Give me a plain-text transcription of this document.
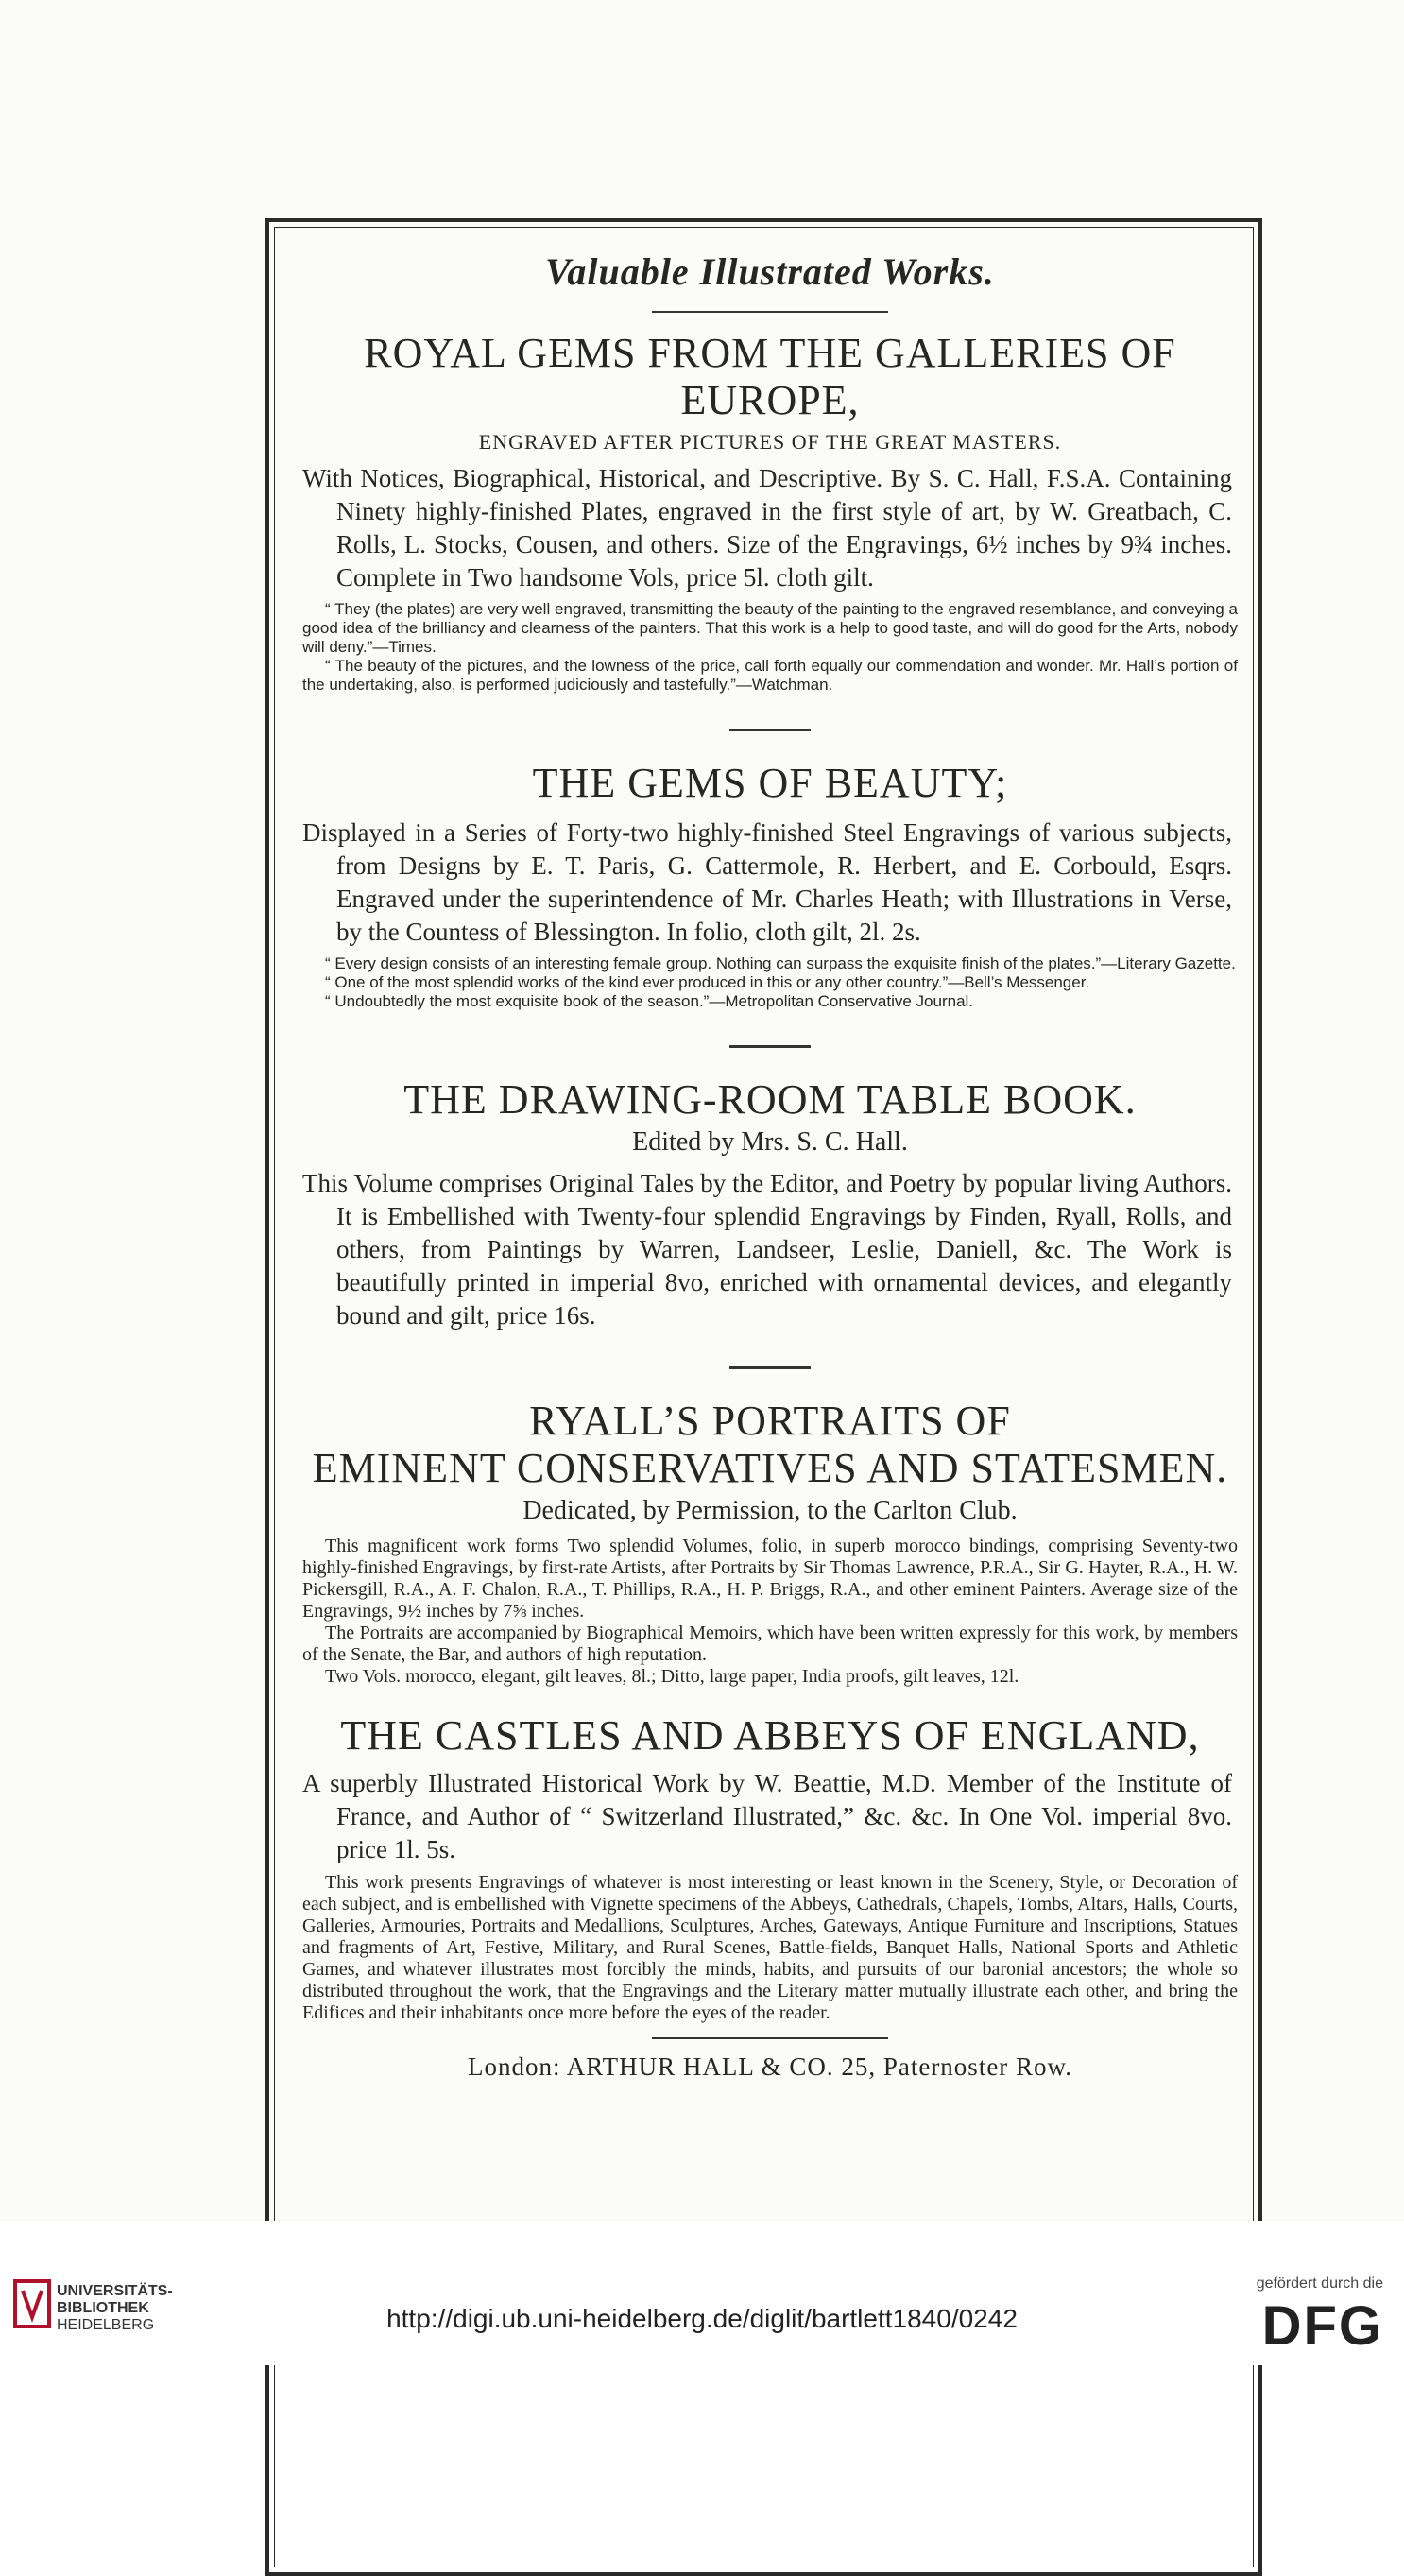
Valuable Illustrated Works.
ROYAL GEMS FROM THE GALLERIES OF EUROPE,
ENGRAVED AFTER PICTURES OF THE GREAT MASTERS.

With Notices, Biographical, Historical, and Descriptive. By S. C. Hall, F.S.A. Containing Ninety highly-finished Plates, engraved in the first style of art, by W. Greatbach, C. Rolls, L. Stocks, Cousen, and others. Size of the Engravings, 6½ inches by 9¾ inches. Complete in Two handsome Vols, price 5l. cloth gilt.

“ They (the plates) are very well engraved, transmitting the beauty of the painting to the engraved resemblance, and conveying a good idea of the brilliancy and clearness of the painters. That this work is a help to good taste, and will do good for the Arts, nobody will deny.”—Times.

“ The beauty of the pictures, and the lowness of the price, call forth equally our commendation and wonder. Mr. Hall’s portion of the undertaking, also, is performed judiciously and tastefully.”—Watchman.

THE GEMS OF BEAUTY;

Displayed in a Series of Forty-two highly-finished Steel Engravings of various subjects, from Designs by E. T. Paris, G. Cattermole, R. Herbert, and E. Corbould, Esqrs. Engraved under the superintendence of Mr. Charles Heath; with Illustrations in Verse, by the Countess of Blessington. In folio, cloth gilt, 2l. 2s.

“ Every design consists of an interesting female group. Nothing can surpass the exquisite finish of the plates.”—Literary Gazette.

“ One of the most splendid works of the kind ever produced in this or any other country.”—Bell’s Messenger.

“ Undoubtedly the most exquisite book of the season.”—Metropolitan Conservative Journal.

THE DRAWING-ROOM TABLE BOOK.
Edited by Mrs. S. C. Hall.

This Volume comprises Original Tales by the Editor, and Poetry by popular living Authors. It is Embellished with Twenty-four splendid Engravings by Finden, Ryall, Rolls, and others, from Paintings by Warren, Landseer, Leslie, Daniell, &c. The Work is beautifully printed in imperial 8vo, enriched with ornamental devices, and elegantly bound and gilt, price 16s.

RYALL’S PORTRAITS OF
EMINENT CONSERVATIVES AND STATESMEN.
Dedicated, by Permission, to the Carlton Club.

This magnificent work forms Two splendid Volumes, folio, in superb morocco bindings, comprising Seventy-two highly-finished Engravings, by first-rate Artists, after Portraits by Sir Thomas Lawrence, P.R.A., Sir G. Hayter, R.A., H. W. Pickersgill, R.A., A. F. Chalon, R.A., T. Phillips, R.A., H. P. Briggs, R.A., and other eminent Painters. Average size of the Engravings, 9½ inches by 7⅝ inches.

The Portraits are accompanied by Biographical Memoirs, which have been written expressly for this work, by members of the Senate, the Bar, and authors of high reputation.

Two Vols. morocco, elegant, gilt leaves, 8l.; Ditto, large paper, India proofs, gilt leaves, 12l.

THE CASTLES AND ABBEYS OF ENGLAND,

A superbly Illustrated Historical Work by W. Beattie, M.D. Member of the Institute of France, and Author of “ Switzerland Illustrated,” &c. &c. In One Vol. imperial 8vo. price 1l. 5s.

This work presents Engravings of whatever is most interesting or least known in the Scenery, Style, or Decoration of each subject, and is embellished with Vignette specimens of the Abbeys, Cathedrals, Chapels, Tombs, Altars, Halls, Courts, Galleries, Armouries, Portraits and Medallions, Sculptures, Arches, Gateways, Antique Furniture and Inscriptions, Statues and fragments of Art, Festive, Military, and Rural Scenes, Battle-fields, Banquet Halls, National Sports and Athletic Games, and whatever illustrates most forcibly the minds, habits, and pursuits of our baronial ancestors; the whole so distributed throughout the work, that the Engravings and the Literary matter mutually illustrate each other, and bring the Edifices and their inhabitants once more before the eyes of the reader.

London: ARTHUR HALL & CO. 25, Paternoster Row.
UNIVERSITÄTS-
BIBLIOTHEK
HEIDELBERG	http://digi.ub.uni-heidelberg.de/diglit/bartlett1840/0242
gefördert durch die
DFG
